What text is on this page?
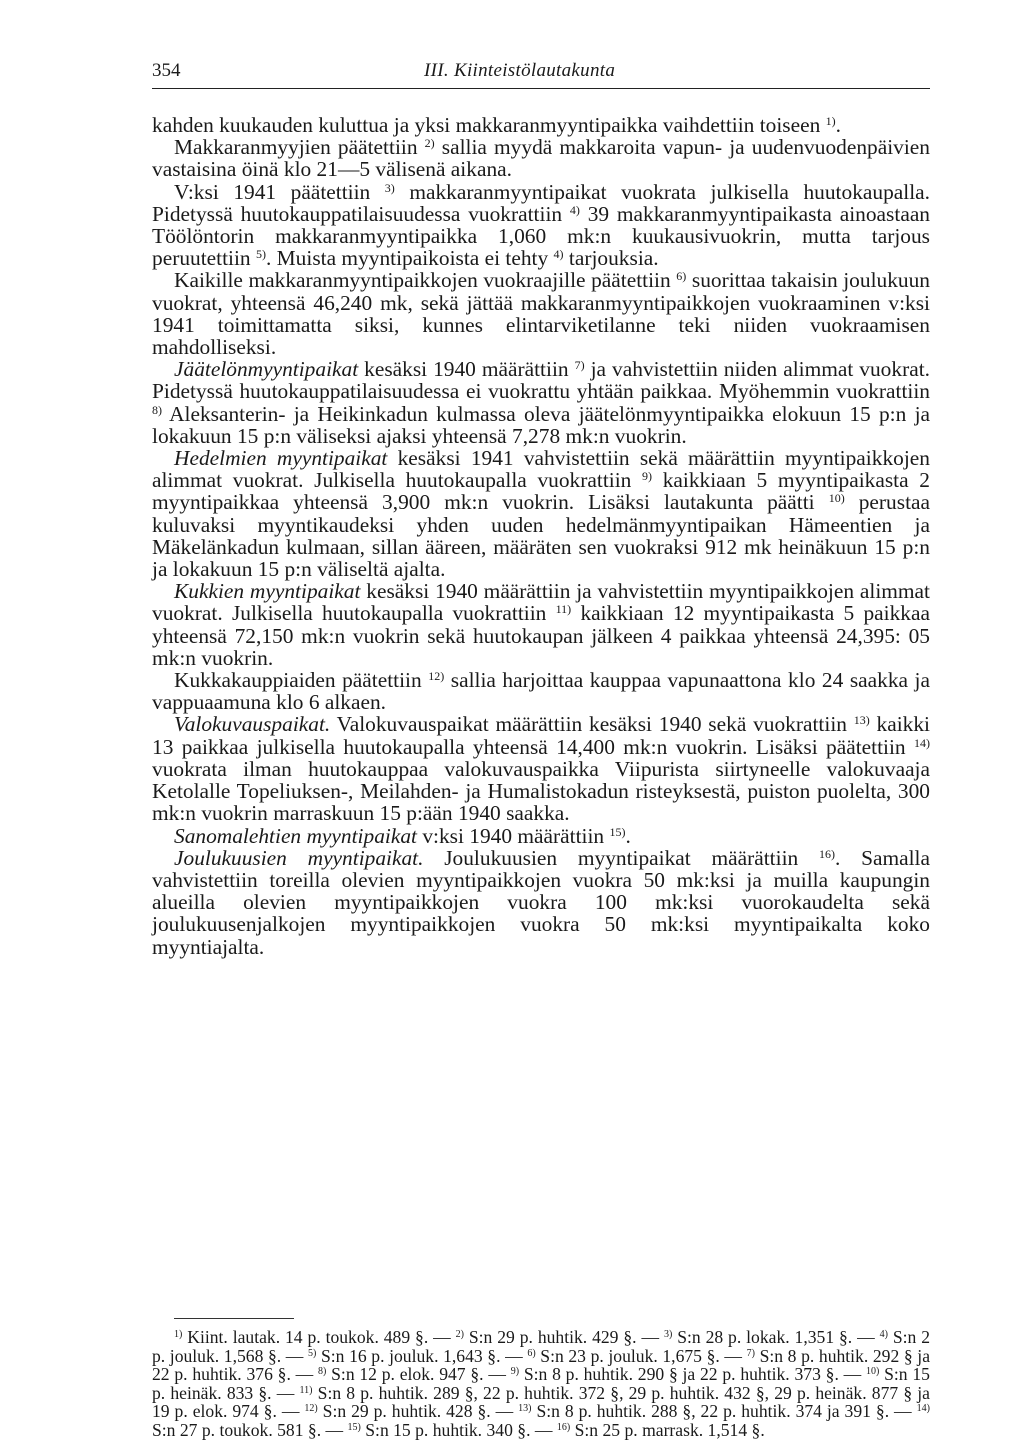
354	III. Kiinteistölautakunta

kahden kuukauden kuluttua ja yksi makkaranmyyntipaikka vaihdettiin toiseen $^{1)}$.

Makkaranmyyjien päätettiin $^{2)}$ sallia myydä makkaroita vapun- ja uudenvuodenpäivien vastaisina öinä klo 21—5 välisenä aikana.

V:ksi 1941 päätettiin $^{3)}$ makkaranmyyntipaikat vuokrata julkisella huutokaupalla. Pidetyssä huutokauppatilaisuudessa vuokrattiin $^{4)}$ 39 makkaranmyyntipaikasta ainoastaan Töölöntorin makkaranmyyntipaikka 1,060 mk:n kuukausivuokrin, mutta tarjous peruutettiin $^{5)}$. Muista myyntipaikoista ei tehty $^{4)}$ tarjouksia.

Kaikille makkaranmyyntipaikkojen vuokraajille päätettiin $^{6)}$ suorittaa takaisin joulukuun vuokrat, yhteensä 46,240 mk, sekä jättää makkaranmyyntipaikkojen vuokraaminen v:ksi 1941 toimittamatta siksi, kunnes elintarviketilanne teki niiden vuokraamisen mahdolliseksi.

Jäätelönmyyntipaikat kesäksi 1940 määrättiin $^{7)}$ ja vahvistettiin niiden alimmat vuokrat. Pidetyssä huutokauppatilaisuudessa ei vuokrattu yhtään paikkaa. Myöhemmin vuokrattiin $^{8)}$ Aleksanterin- ja Heikinkadun kulmassa oleva jäätelönmyyntipaikka elokuun 15 p:n ja lokakuun 15 p:n väliseksi ajaksi yhteensä 7,278 mk:n vuokrin.

Hedelmien myyntipaikat kesäksi 1941 vahvistettiin sekä määrättiin myyntipaikkojen alimmat vuokrat. Julkisella huutokaupalla vuokrattiin $^{9)}$ kaikkiaan 5 myyntipaikasta 2 myyntipaikkaa yhteensä 3,900 mk:n vuokrin. Lisäksi lautakunta päätti $^{10)}$ perustaa kuluvaksi myyntikaudeksi yhden uuden hedelmänmyyntipaikan Hämeentien ja Mäkelänkadun kulmaan, sillan ääreen, määräten sen vuokraksi 912 mk heinäkuun 15 p:n ja lokakuun 15 p:n väliseltä ajalta.

Kukkien myyntipaikat kesäksi 1940 määrättiin ja vahvistettiin myyntipaikkojen alimmat vuokrat. Julkisella huutokaupalla vuokrattiin $^{11)}$ kaikkiaan 12 myyntipaikasta 5 paikkaa yhteensä 72,150 mk:n vuokrin sekä huutokaupan jälkeen 4 paikkaa yhteensä 24,395: 05 mk:n vuokrin.

Kukkakauppiaiden päätettiin $^{12)}$ sallia harjoittaa kauppaa vapunaattona klo 24 saakka ja vappuaamuna klo 6 alkaen.

Valokuvauspaikat. Valokuvauspaikat määrättiin kesäksi 1940 sekä vuokrattiin $^{13)}$ kaikki 13 paikkaa julkisella huutokaupalla yhteensä 14,400 mk:n vuokrin. Lisäksi päätettiin $^{14)}$ vuokrata ilman huutokauppaa valokuvauspaikka Viipurista siirtyneelle valokuvaaja Ketolalle Topeliuksen-, Meilahden- ja Humalistokadun risteyksestä, puiston puolelta, 300 mk:n vuokrin marraskuun 15 p:ään 1940 saakka.

Sanomalehtien myyntipaikat v:ksi 1940 määrättiin $^{15)}$.

Joulukuusien myyntipaikat. Joulukuusien myyntipaikat määrättiin $^{16)}$. Samalla vahvistettiin toreilla olevien myyntipaikkojen vuokra 50 mk:ksi ja muilla kaupungin alueilla olevien myyntipaikkojen vuokra 100 mk:ksi vuorokaudelta sekä joulukuusenjalkojen myyntipaikkojen vuokra 50 mk:ksi myyntipaikalta koko myyntiajalta.

$^{1)}$ Kiint. lautak. 14 p. toukok. 489 §. — $^{2)}$ S:n 29 p. huhtik. 429 §. — $^{3)}$ S:n 28 p. lokak. 1,351 §. — $^{4)}$ S:n 2 p. jouluk. 1,568 §. — $^{5)}$ S:n 16 p. jouluk. 1,643 §. — $^{6)}$ S:n 23 p. jouluk. 1,675 §. — $^{7)}$ S:n 8 p. huhtik. 292 § ja 22 p. huhtik. 376 §. — $^{8)}$ S:n 12 p. elok. 947 §. — $^{9)}$ S:n 8 p. huhtik. 290 § ja 22 p. huhtik. 373 §. — $^{10)}$ S:n 15 p. heinäk. 833 §. — $^{11)}$ S:n 8 p. huhtik. 289 §, 22 p. huhtik. 372 §, 29 p. huhtik. 432 §, 29 p. heinäk. 877 § ja 19 p. elok. 974 §. — $^{12)}$ S:n 29 p. huhtik. 428 §. — $^{13)}$ S:n 8 p. huhtik. 288 §, 22 p. huhtik. 374 ja 391 §. — $^{14)}$ S:n 27 p. toukok. 581 §. — $^{15)}$ S:n 15 p. huhtik. 340 §. — $^{16)}$ S:n 25 p. marrask. 1,514 §.
